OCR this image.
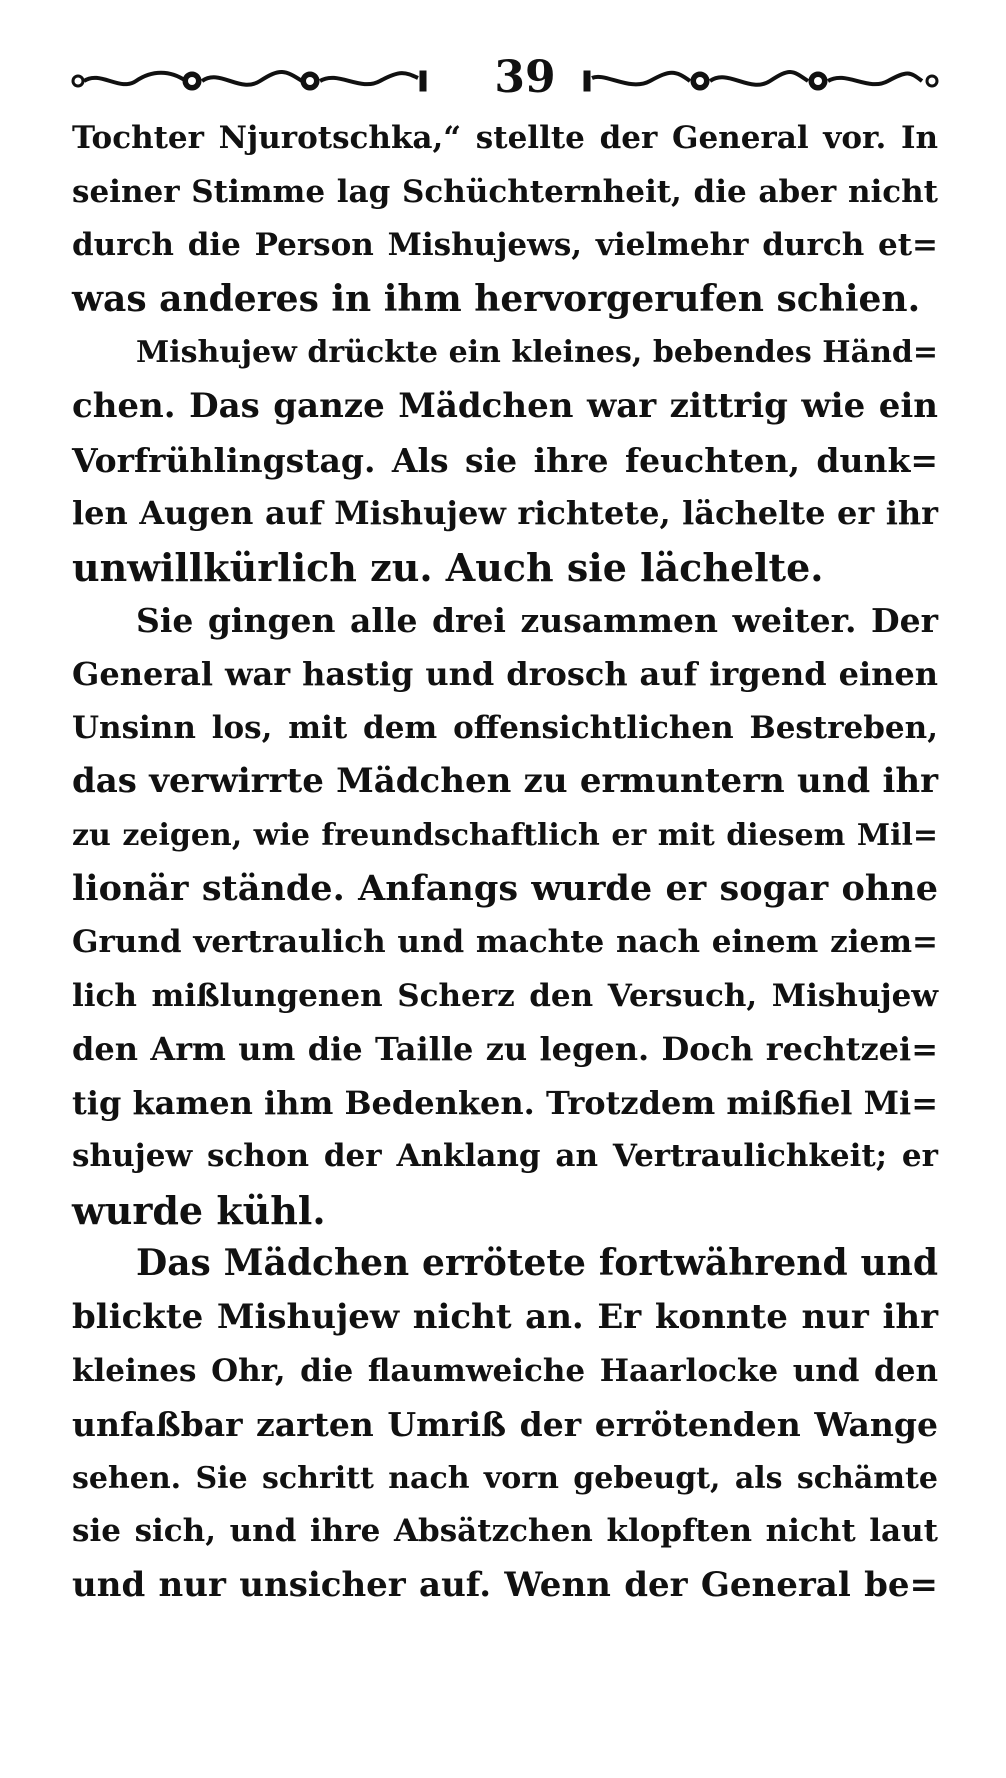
39
Tochter Njurotschka,“ stellte der General vor. In
seiner Stimme lag Schüchternheit, die aber nicht
durch die Person Mishujews, vielmehr durch et=
was anderes in ihm hervorgerufen schien.
Mishujew drückte ein kleines, bebendes Händ=
chen. Das ganze Mädchen war zittrig wie ein
Vorfrühlingstag. Als sie ihre feuchten, dunk=
len Augen auf Mishujew richtete, lächelte er ihr
unwillkürlich zu. Auch sie lächelte.
Sie gingen alle drei zusammen weiter. Der
General war hastig und drosch auf irgend einen
Unsinn los, mit dem offensichtlichen Bestreben,
das verwirrte Mädchen zu ermuntern und ihr
zu zeigen, wie freundschaftlich er mit diesem Mil=
lionär stände. Anfangs wurde er sogar ohne
Grund vertraulich und machte nach einem ziem=
lich mißlungenen Scherz den Versuch, Mishujew
den Arm um die Taille zu legen. Doch rechtzei=
tig kamen ihm Bedenken. Trotzdem mißfiel Mi=
shujew schon der Anklang an Vertraulichkeit; er
wurde kühl.
Das Mädchen errötete fortwährend und
blickte Mishujew nicht an. Er konnte nur ihr
kleines Ohr, die flaumweiche Haarlocke und den
unfaßbar zarten Umriß der errötenden Wange
sehen. Sie schritt nach vorn gebeugt, als schämte
sie sich, und ihre Absätzchen klopften nicht laut
und nur unsicher auf. Wenn der General be=
